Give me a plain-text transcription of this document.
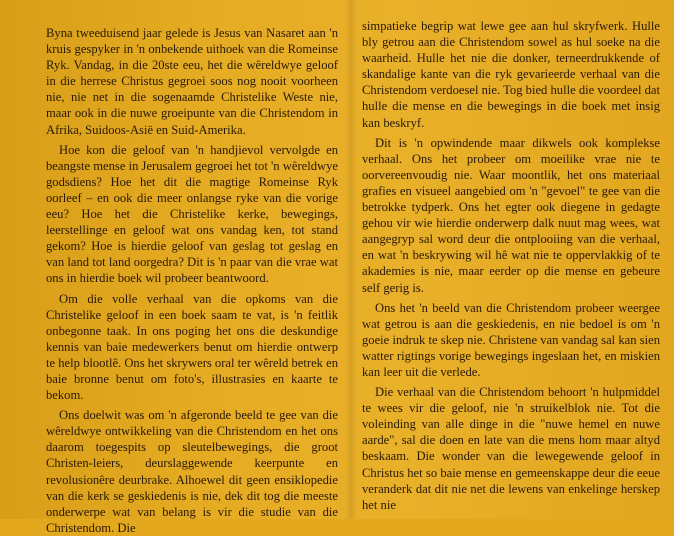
Byna tweeduisend jaar gelede is Jesus van Nasaret aan 'n kruis gespyker in 'n onbekende uithoek van die Romeinse Ryk. Vandag, in die 20ste eeu, het die wêreldwye geloof in die herrese Christus gegroei soos nog nooit voorheen nie, nie net in die sogenaamde Christelike Weste nie, maar ook in die nuwe groeipunte van die Christendom in Afrika, Suidoos-Asië en Suid-Amerika.

Hoe kon die geloof van 'n handjievol vervolgde en beangste mense in Jerusalem gegroei het tot 'n wêreldwye godsdiens? Hoe het dit die magtige Romeinse Ryk oorleef – en ook die meer onlangse ryke van die vorige eeu? Hoe het die Christelike kerke, bewegings, leerstellinge en geloof wat ons vandag ken, tot stand gekom? Hoe is hierdie geloof van geslag tot geslag en van land tot land oorgedra? Dit is 'n paar van die vrae wat ons in hierdie boek wil probeer beantwoord.

Om die volle verhaal van die opkoms van die Christelike geloof in een boek saam te vat, is 'n feitlik onbegonne taak. In ons poging het ons die deskundige kennis van baie medewerkers benut om hierdie ontwerp te help blootlê. Ons het skrywers oral ter wêreld betrek en baie bronne benut om foto's, illustrasies en kaarte te bekom.

Ons doelwit was om 'n afgeronde beeld te gee van die wêreldwye ontwikkeling van die Christendom en het ons daarom toegespits op sleutelbewegings, die groot Christen-leiers, deurslaggewende keerpunte en revolusionêre deurbrake. Alhoewel dit geen ensiklopedie van die kerk se geskiedenis is nie, dek dit tog die meeste onderwerpe wat van belang is vir die studie van die Christendom. Die

simpatieke begrip wat lewe gee aan hul skryfwerk. Hulle bly getrou aan die Christendom sowel as hul soeke na die waarheid. Hulle het nie die donker, terneerdrukkende of skandalige kante van die ryk gevarieerde verhaal van die Christendom verdoesel nie. Tog bied hulle die voordeel dat hulle die mense en die bewegings in die boek met insig kan beskryf.

Dit is 'n opwindende maar dikwels ook komplekse verhaal. Ons het probeer om moeilike vrae nie te oorvereenvoudig nie. Waar moontlik, het ons materiaal grafies en visueel aangebied om 'n "gevoel" te gee van die betrokke tydperk. Ons het egter ook diegene in gedagte gehou vir wie hierdie onderwerp dalk nuut mag wees, wat aangegryp sal word deur die ontplooiing van die verhaal, en wat 'n beskrywing wil hê wat nie te oppervlakkig of te akademies is nie, maar eerder op die mense en gebeure self gerig is.

Ons het 'n beeld van die Christendom probeer weergee wat getrou is aan die geskiedenis, en nie bedoel is om 'n goeie indruk te skep nie. Christene van vandag sal kan sien watter rigtings vorige bewegings ingeslaan het, en miskien kan leer uit die verlede.

Die verhaal van die Christendom behoort 'n hulpmiddel te wees vir die geloof, nie 'n struikelblok nie. Tot die voleinding van alle dinge in die "nuwe hemel en nuwe aarde", sal die doen en late van die mens hom maar altyd beskaam. Die wonder van die lewegewende geloof in Christus het so baie mense en gemeenskappe deur die eeue veranderk dat dit nie net die lewens van enkelinge herskep het nie
